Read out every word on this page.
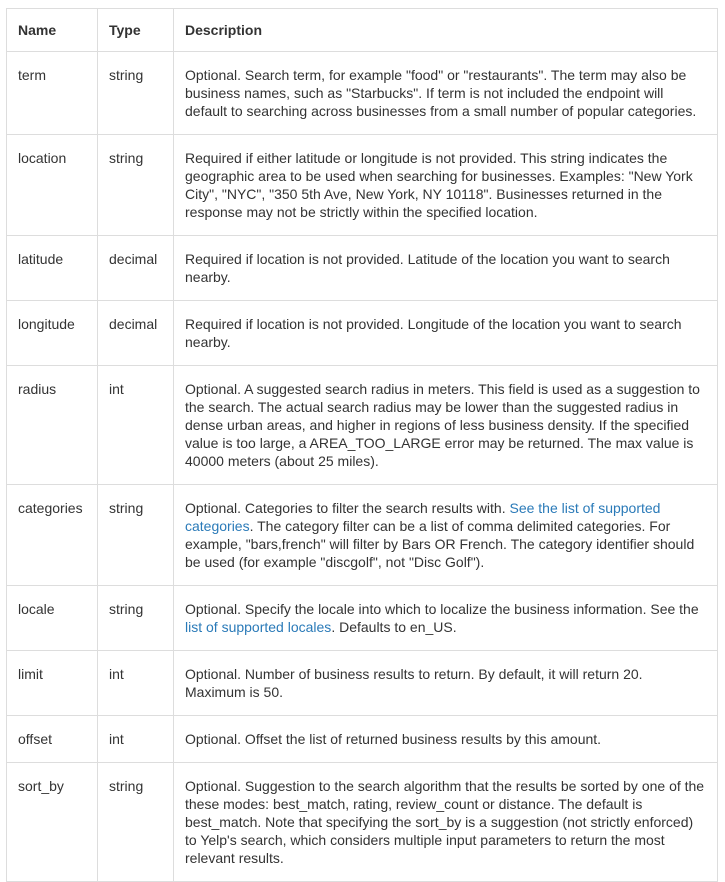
Name	Type	Description
term	string	Optional. Search term, for example "food" or "restaurants". The term may also be business names, such as "Starbucks". If term is not included the endpoint will default to searching across businesses from a small number of popular categories.
location	string	Required if either latitude or longitude is not provided. This string indicates the geographic area to be used when searching for businesses. Examples: "New York City", "NYC", "350 5th Ave, New York, NY 10118". Businesses returned in the response may not be strictly within the specified location.
latitude	decimal	Required if location is not provided. Latitude of the location you want to search nearby.
longitude	decimal	Required if location is not provided. Longitude of the location you want to search nearby.
radius	int	Optional. A suggested search radius in meters. This field is used as a suggestion to the search. The actual search radius may be lower than the suggested radius in dense urban areas, and higher in regions of less business density. If the specified value is too large, a AREA_TOO_LARGE error may be returned. The max value is 40000 meters (about 25 miles).
categories	string	Optional. Categories to filter the search results with. See the list of supported categories. The category filter can be a list of comma delimited categories. For example, "bars,french" will filter by Bars OR French. The category identifier should be used (for example "discgolf", not "Disc Golf").
locale	string	Optional. Specify the locale into which to localize the business information. See the list of supported locales. Defaults to en_US.
limit	int	Optional. Number of business results to return. By default, it will return 20. Maximum is 50.
offset	int	Optional. Offset the list of returned business results by this amount.
sort_by	string	Optional. Suggestion to the search algorithm that the results be sorted by one of the these modes: best_match, rating, review_count or distance. The default is best_match. Note that specifying the sort_by is a suggestion (not strictly enforced) to Yelp's search, which considers multiple input parameters to return the most relevant results.
